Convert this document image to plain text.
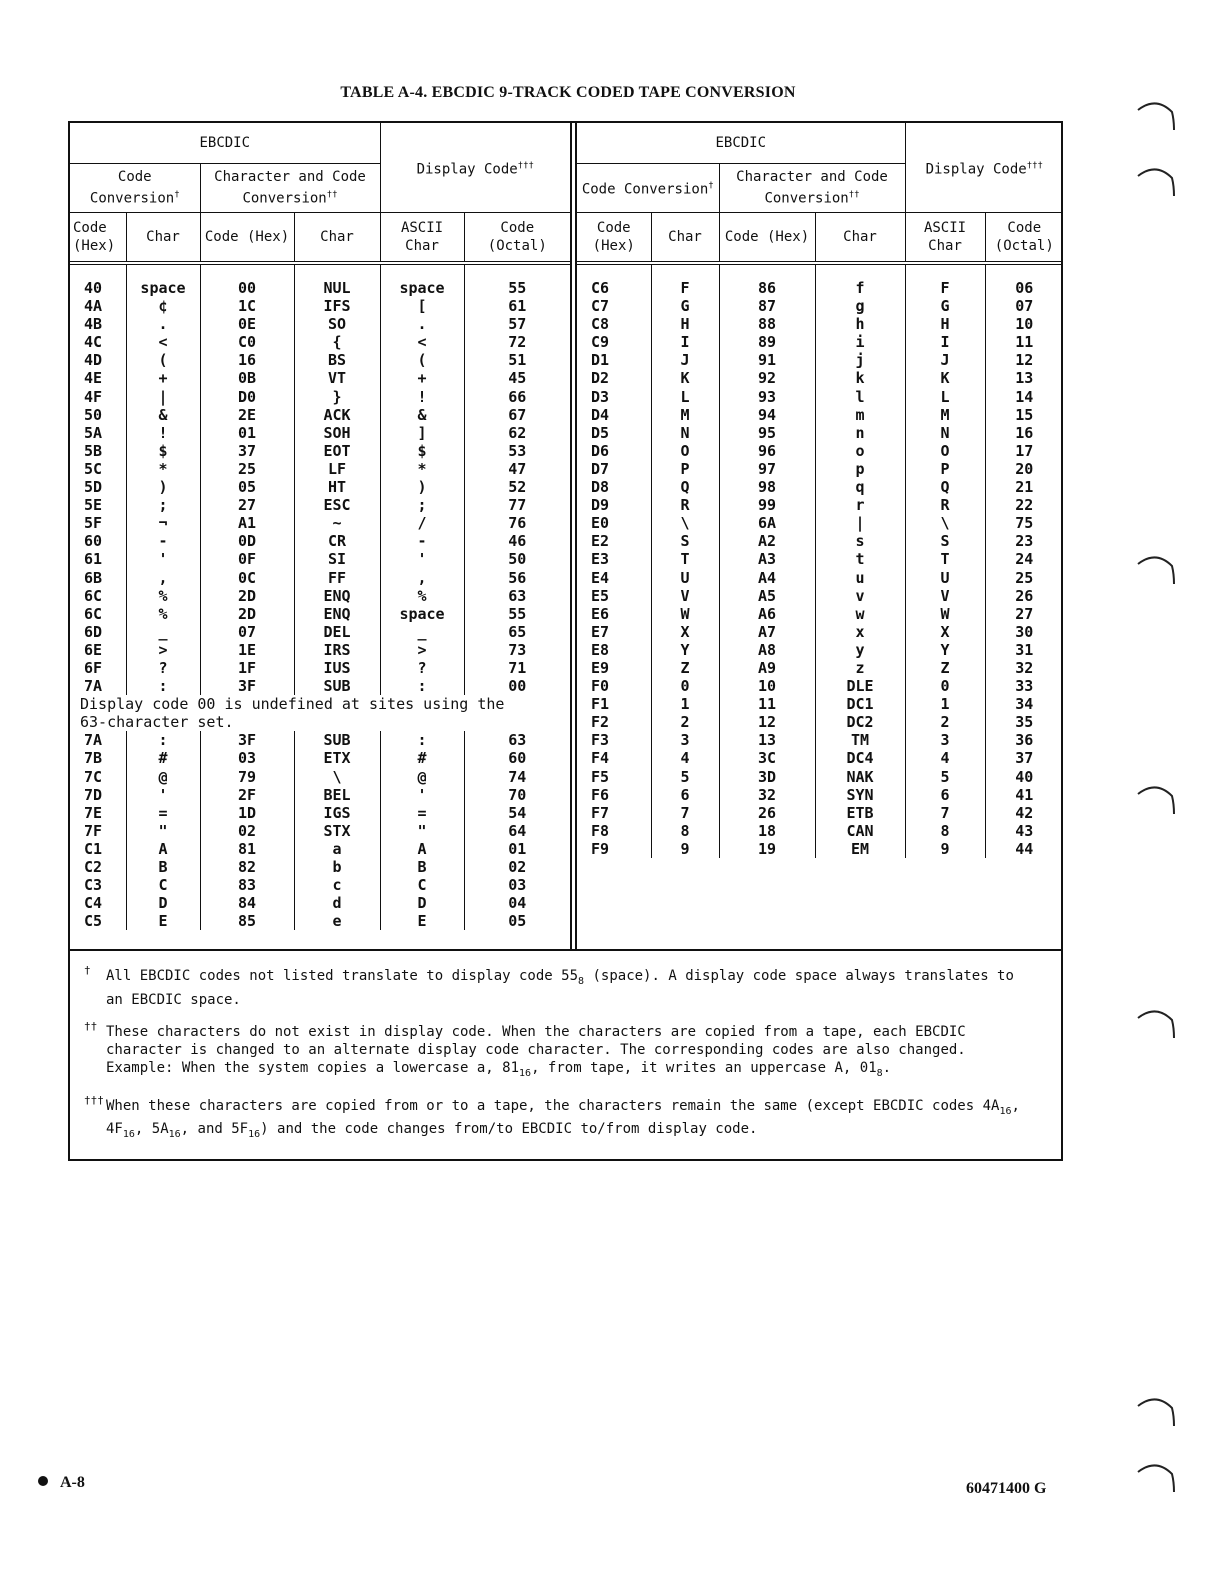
TABLE A-4. EBCDIC 9-TRACK CODED TAPE CONVERSION
EBCDIC				Display Code†††
Code Conversion†		Character and Code Conversion††
Code (Hex)	Char	Code (Hex)	Char	ASCII Char	Code (Octal)

40	space	00	NUL	space	55
4A	¢	1C	IFS	[	61
4B	.	0E	SO	.	57
4C	<	C0	{	<	72
4D	(	16	BS	(	51
4E	+	0B	VT	+	45
4F	|	D0	}	!	66
50	&	2E	ACK	&	67
5A	!	01	SOH	]	62
5B	$	37	EOT	$	53
5C	*	25	LF	*	47
5D	)	05	HT	)	52
5E	;	27	ESC	;	77
5F	¬	A1	~	/	76
60	-	0D	CR	-	46
61	'	0F	SI	'	50
6B	,	0C	FF	,	56
6C	%	2D	ENQ	%	63
6C	%	2D	ENQ	space	55
6D	_	07	DEL	_	65
6E	>	1E	IRS	>	73
6F	?	1F	IUS	?	71
7A	:	3F	SUB	:	00
Display code 00 is undefined at sites using the					
63-character set.					
7A	:	3F	SUB	:	63
7B	#	03	ETX	#	60
7C	@	79	\	@	74
7D	'	2F	BEL	'	70
7E	=	1D	IGS	=	54
7F	"	02	STX	"	64
C1	A	81	a	A	01
C2	B	82	b	B	02
C3	C	83	c	C	03
C4	D	84	d	D	04
C5	E	85	e	E	05
EBCDIC				Display Code†††
Code Conversion†		Character and Code Conversion††
Code (Hex)	Char	Code (Hex)	Char	ASCII Char	Code (Octal)

C6	F	86	f	F	06
C7	G	87	g	G	07
C8	H	88	h	H	10
C9	I	89	i	I	11
D1	J	91	j	J	12
D2	K	92	k	K	13
D3	L	93	l	L	14
D4	M	94	m	M	15
D5	N	95	n	N	16
D6	O	96	o	O	17
D7	P	97	p	P	20
D8	Q	98	q	Q	21
D9	R	99	r	R	22
E0	\	6A	|	\	75
E2	S	A2	s	S	23
E3	T	A3	t	T	24
E4	U	A4	u	U	25
E5	V	A5	v	V	26
E6	W	A6	w	W	27
E7	X	A7	x	X	30
E8	Y	A8	y	Y	31
E9	Z	A9	z	Z	32
F0	0	10	DLE	0	33
F1	1	11	DC1	1	34
F2	2	12	DC2	2	35
F3	3	13	TM	3	36
F4	4	3C	DC4	4	37
F5	5	3D	NAK	5	40
F6	6	32	SYN	6	41
F7	7	26	ETB	7	42
F8	8	18	CAN	8	43
F9	9	19	EM	9	44
† All EBCDIC codes not listed translate to display code $55_8$ (space). A display code space always translates to an EBCDIC space.
†† These characters do not exist in display code. When the characters are copied from a tape, each EBCDIC character is changed to an alternate display code character. The corresponding codes are also changed. Example: When the system copies a lowercase a, $81_{16}$, from tape, it writes an uppercase A, $01_8$.
††† When these characters are copied from or to a tape, the characters remain the same (except EBCDIC codes $4A_{16}$, $4F_{16}$, $5A_{16}$, and $5F_{16}$) and the code changes from/to EBCDIC to/from display code.
A-8	60471400 G
